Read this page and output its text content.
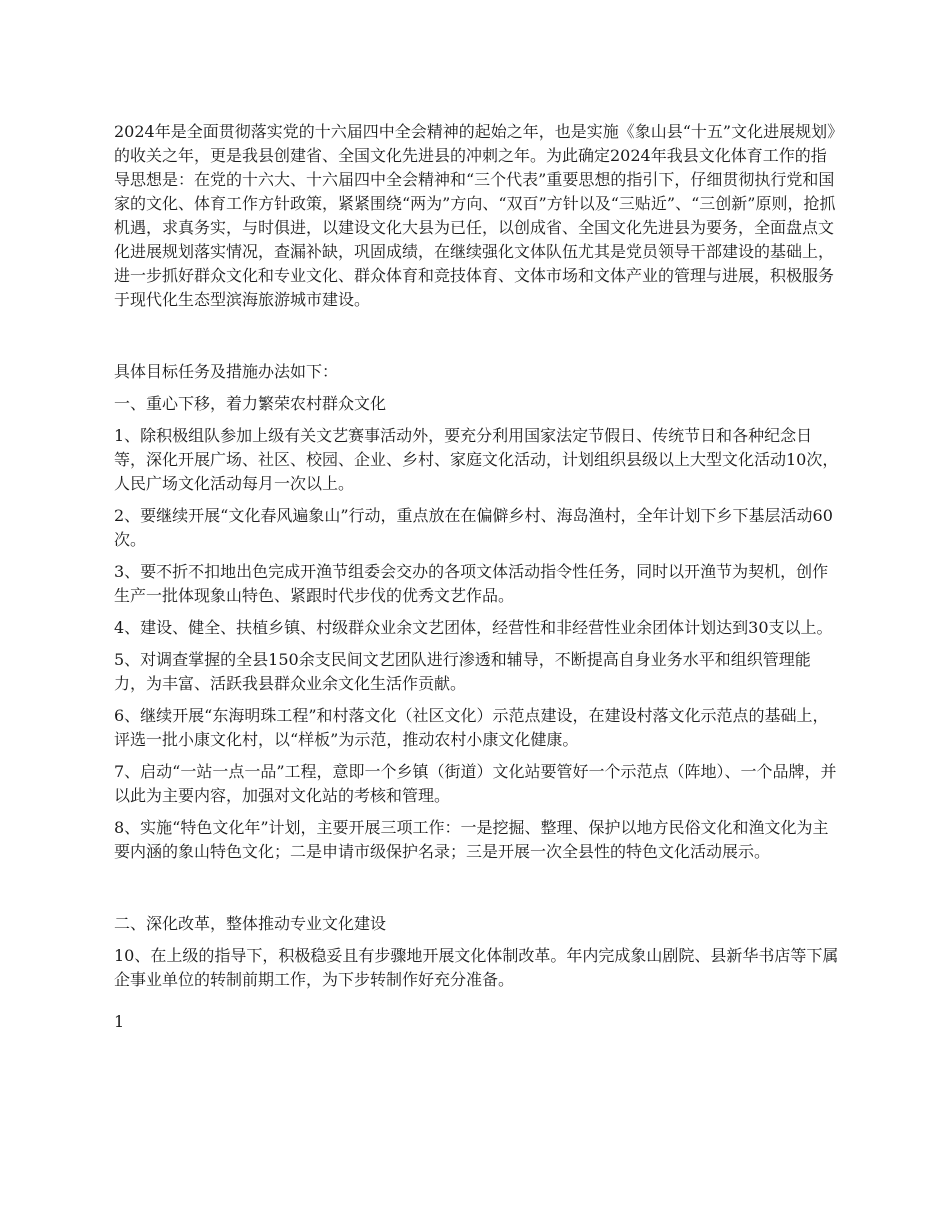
2024年是全面贯彻落实党的十六届四中全会精神的起始之年，也是实施《象山县“十五”文化进展规划》的收关之年，更是我县创建省、全国文化先进县的冲刺之年。为此确定2024年我县文化体育工作的指导思想是：在党的十六大、十六届四中全会精神和“三个代表”重要思想的指引下，仔细贯彻执行党和国家的文化、体育工作方针政策，紧紧围绕“两为”方向、“双百”方针以及“三贴近”、“三创新”原则，抢抓机遇，求真务实，与时俱进，以建设文化大县为已任，以创成省、全国文化先进县为要务，全面盘点文化进展规划落实情况，查漏补缺，巩固成绩，在继续强化文体队伍尤其是党员领导干部建设的基础上，进一步抓好群众文化和专业文化、群众体育和竞技体育、文体市场和文体产业的管理与进展，积极服务于现代化生态型滨海旅游城市建设。

具体目标任务及措施办法如下：

一、重心下移，着力繁荣农村群众文化

1、除积极组队参加上级有关文艺赛事活动外，要充分利用国家法定节假日、传统节日和各种纪念日等，深化开展广场、社区、校园、企业、乡村、家庭文化活动，计划组织县级以上大型文化活动10次，人民广场文化活动每月一次以上。

2、要继续开展“文化春风遍象山”行动，重点放在在偏僻乡村、海岛渔村，全年计划下乡下基层活动60次。

3、要不折不扣地出色完成开渔节组委会交办的各项文体活动指令性任务，同时以开渔节为契机，创作生产一批体现象山特色、紧跟时代步伐的优秀文艺作品。

4、建设、健全、扶植乡镇、村级群众业余文艺团体，经营性和非经营性业余团体计划达到30支以上。

5、对调查掌握的全县150余支民间文艺团队进行渗透和辅导，不断提高自身业务水平和组织管理能力，为丰富、活跃我县群众业余文化生活作贡献。

6、继续开展“东海明珠工程”和村落文化（社区文化）示范点建设，在建设村落文化示范点的基础上，评选一批小康文化村，以“样板”为示范，推动农村小康文化健康。

7、启动“一站一点一品”工程，意即一个乡镇（街道）文化站要管好一个示范点（阵地）、一个品牌，并以此为主要内容，加强对文化站的考核和管理。

8、实施“特色文化年”计划，主要开展三项工作：一是挖掘、整理、保护以地方民俗文化和渔文化为主要内涵的象山特色文化；二是申请市级保护名录；三是开展一次全县性的特色文化活动展示。

二、深化改革，整体推动专业文化建设

10、在上级的指导下，积极稳妥且有步骤地开展文化体制改革。年内完成象山剧院、县新华书店等下属企事业单位的转制前期工作，为下步转制作好充分准备。

1
